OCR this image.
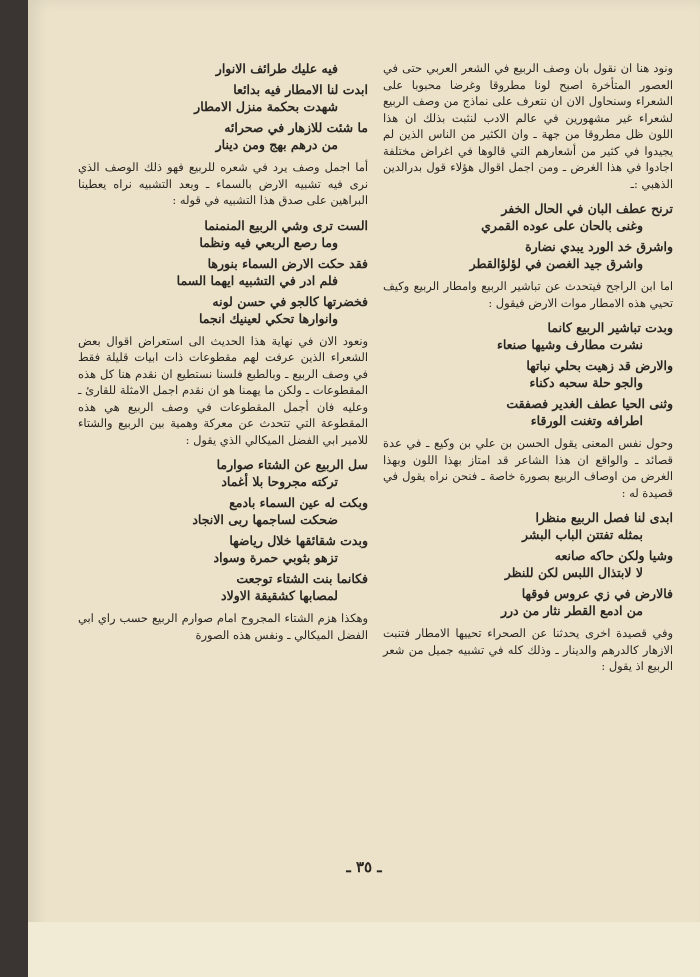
ونود هنا ان نقول بان وصف الربيع في الشعر العربي حتى في العصور المتأخرة اصبح لونا مطروقا وغرضا محبوبا على الشعراء وسنحاول الان ان نتعرف على نماذج من وصف الربيع لشعراء غير مشهورين في عالم الادب لنثبت بذلك ان هذا اللون ظل مطروقا من جهة ـ وان الكثير من الناس الذين لم يجيدوا في كثير من أشعارهم التي قالوها في اغراض مختلفة اجادوا في هذا الغرض ـ ومن اجمل اقوال هؤلاء قول بدرالدين الذهبي :ـ

ترنح عطف البان في الحال الخفر
وغنى بالحان على عوده القمري
واشرق خد الورد يبدي نضارة
واشرق جيد الغصن في لؤلؤالقطر

اما ابن الراجح فيتحدث عن تباشير الربيع وامطار الربيع وكيف تحيي هذه الامطار موات الارض فيقول :

وبدت تباشير الربيع كانما
نشرت مطارف وشيها صنعاء
والارض قد زهيت بحلي نباتها
والجو حلة سحبه دكناء
وثنى الحيا عطف الغدير فصفقت
اطرافه وتغنت الورقاء

وحول نفس المعنى يقول الحسن بن علي بن وكيع ـ في عدة قصائد ـ والواقع ان هذا الشاعر قد امتاز بهذا اللون وبهذا الغرض من اوصاف الربيع بصورة خاصة ـ فنحن نراه يقول في قصيدة له :

ابدى لنا فصل الربيع منظرا
بمثله تفتتن الباب البشر
وشيا ولكن حاكه صانعه
لا لابتذال اللبس لكن للنظر
فالارض في زي عروس فوقها
من ادمع القطر نثار من درر

وفي قصيدة اخرى يحدثنا عن الصحراء تحييها الامطار فتنبت الازهار كالدرهم والدينار ـ وذلك كله في تشبيه جميل من شعر الربيع اذ يقول :

فيه عليك طرائف الانوار
ابدت لنا الامطار فيه بدائعا
شهدت بحكمة منزل الامطار
ما شئت للازهار في صحرائه
من درهم بهج ومن دينار

أما اجمل وصف يرد في شعره للربيع فهو ذلك الوصف الذي نرى فيه تشبيه الارض بالسماء ـ وبعد التشبيه نراه يعطينا البراهين على صدق هذا التشبيه في قوله :

الست ترى وشي الربيع المنمنما
وما رصع الربعي فيه ونظما
فقد حكت الارض السماء بنورها
فلم ادر في التشبيه ايهما السما
فخضرتها كالجو في حسن لونه
وانوارها تحكي لعينيك انجما

ونعود الان في نهاية هذا الحديث الى استعراض اقوال بعض الشعراء الذين عرفت لهم مقطوعات ذات ابيات قليلة فقط في وصف الربيع ـ وبالطبع فلسنا نستطيع ان نقدم هنا كل هذه المقطوعات ـ ولكن ما يهمنا هو ان نقدم اجمل الامثلة للقارئ ـ وعليه فان أجمل المقطوعات في وصف الربيع هي هذه المقطوعة التي تتحدث عن معركة وهمية بين الربيع والشتاء للامير ابي الفضل الميكالي الذي يقول :

سل الربيع عن الشتاء صوارما
تركته مجروحا بلا أغماد
وبكت له عين السماء بادمع
ضحكت لساجمها ربى الانجاد
وبدت شقائقها خلال رياضها
تزهو بثوبي حمرة وسواد
فكانما بنت الشتاء توجعت
لمصابها كشقيقة الاولاد

وهكذا هزم الشتاء المجروح امام صوارم الربيع حسب راي ابي الفضل الميكالي ـ ونفس هذه الصورة

ـ ٣٥ ـ
